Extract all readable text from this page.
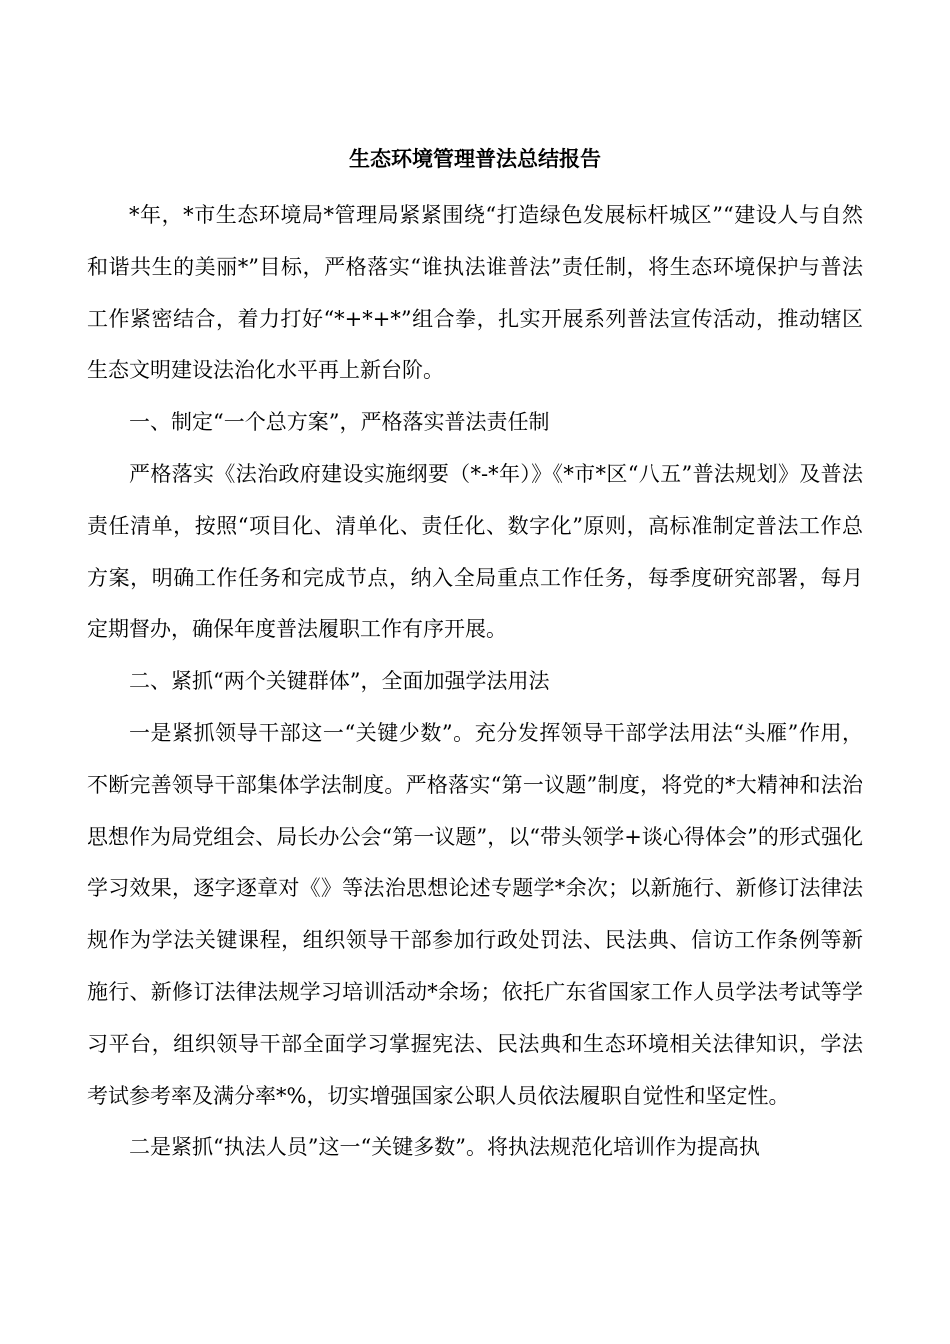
生态环境管理普法总结报告

*年，*市生态环境局*管理局紧紧围绕“打造绿色发展标杆城区”“建设人与自然和谐共生的美丽*”目标，严格落实“谁执法谁普法”责任制，将生态环境保护与普法工作紧密结合，着力打好“*+*+*”组合拳，扎实开展系列普法宣传活动，推动辖区生态文明建设法治化水平再上新台阶。

一、制定“一个总方案”，严格落实普法责任制

严格落实《法治政府建设实施纲要（*-*年）》《*市*区“八五”普法规划》及普法责任清单，按照“项目化、清单化、责任化、数字化”原则，高标准制定普法工作总方案，明确工作任务和完成节点，纳入全局重点工作任务，每季度研究部署，每月定期督办，确保年度普法履职工作有序开展。

二、紧抓“两个关键群体”，全面加强学法用法

一是紧抓领导干部这一“关键少数”。充分发挥领导干部学法用法“头雁”作用，不断完善领导干部集体学法制度。严格落实“第一议题”制度，将党的*大精神和法治思想作为局党组会、局长办公会“第一议题”，以“带头领学+谈心得体会”的形式强化学习效果，逐字逐章对《》等法治思想论述专题学*余次；以新施行、新修订法律法规作为学法关键课程，组织领导干部参加行政处罚法、民法典、信访工作条例等新施行、新修订法律法规学习培训活动*余场；依托广东省国家工作人员学法考试等学习平台，组织领导干部全面学习掌握宪法、民法典和生态环境相关法律知识，学法考试参考率及满分率*%，切实增强国家公职人员依法履职自觉性和坚定性。

二是紧抓“执法人员”这一“关键多数”。将执法规范化培训作为提高执
